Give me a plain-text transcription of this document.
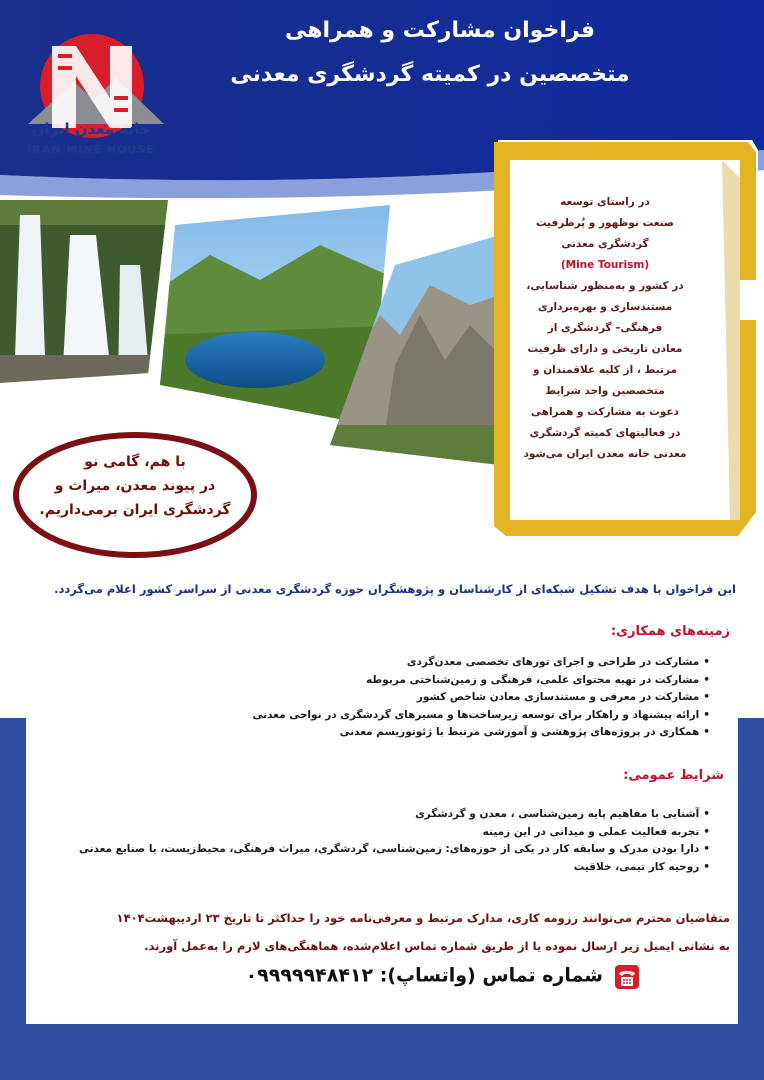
خانه معدن ایران
IRAN MINE HOUSE
فراخوان مشارکت و همراهی
متخصصین در کمیته گردشگری معدنی
در راستای توسعه
صنعت نوظهور و پُرظرفیت
گردشگری معدنی
(Mine Tourism)
در کشور و به‌منظور شناسایی،
مستندسازی و بهره‌برداری
فرهنگی– گردشگری از
معادن تاریخی و دارای ظرفیت
مرتبط ، از کلیه علاقمندان و
متخصصین واجد شرایط
دعوت به مشارکت و همراهی
در فعالیتهای کمیته گردشگری
معدنی خانه معدن ایران می‌شود
با هم، گامی نو
در پیوند معدن، میراث و
گردشگری ایران برمی‌داریم.
این فراخوان با هدف تشکیل شبکه‌ای از کارشناسان و پژوهشگران حوزه گردشگری معدنی از سراسر کشور اعلام می‌گردد.
زمینه‌های همکاری:
• مشارکت در طراحی و اجرای تورهای تخصصی معدن‌گردی
• مشارکت در تهیه محتوای علمی، فرهنگی و زمین‌شناختی مربوطه
• مشارکت در معرفی و مستندسازی معادن شاخص کشور
• ارائه پیشنهاد و راهکار برای توسعه زیرساخت‌ها و مسیرهای گردشگری در نواحی معدنی
• همکاری در پروژه‌های پژوهشی و آموزشی مرتبط با ژئوتوریسم معدنی
شرایط عمومی:
• آشنایی با مفاهیم پایه زمین‌شناسی ، معدن و گردشگری
• تجربه فعالیت عملی و میدانی در این زمینه
• دارا بودن مدرک و سابقه کار در یکی از حوزه‌های: زمین‌شناسی، گردشگری، میراث فرهنگی، محیط‌زیست، یا صنایع معدنی
• روحیه کار تیمی، خلاقیت
متقاضیان محترم می‌توانند رزومه کاری، مدارک مرتبط و معرفی‌نامه خود را حداکثر تا تاریخ ۲۳ اردیبهشت۱۴۰۴
به نشانی ایمیل زیر ارسال نموده یا از طریق شماره تماس اعلام‌شده، هماهنگی‌های لازم را به‌عمل آورند.
شماره تماس (واتساپ): ۰۹۹۹۹۹۴۸۴۱۲
